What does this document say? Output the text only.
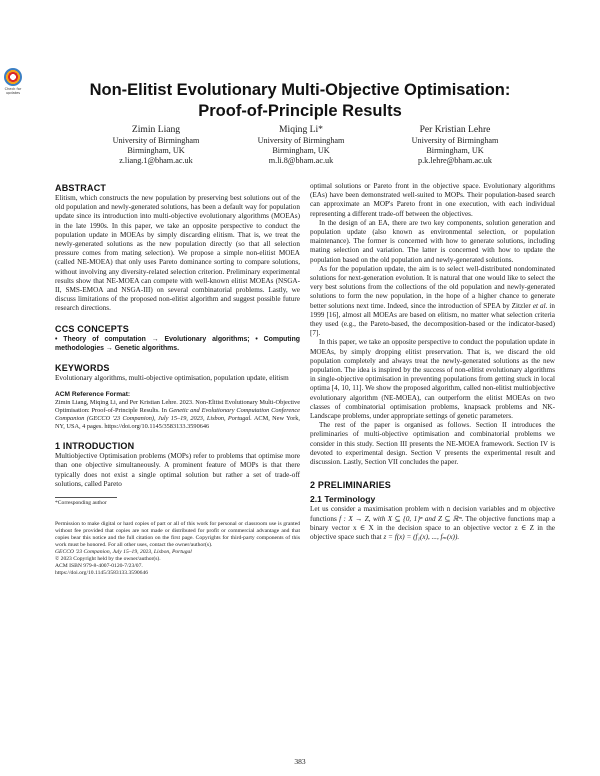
Check for updates	Non-Elitist Evolutionary Multi-Objective Optimisation:
Proof-of-Principle Results
Zimin Liang
University of Birmingham
Birmingham, UK
z.liang.1@bham.ac.uk
Miqing Li*
University of Birmingham
Birmingham, UK
m.li.8@bham.ac.uk
Per Kristian Lehre
University of Birmingham
Birmingham, UK
p.k.lehre@bham.ac.uk
ABSTRACT

Elitism, which constructs the new population by preserving best solutions out of the old population and newly-generated solutions, has been a default way for population update since its introduction into multi-objective evolutionary algorithms (MOEAs) in the late 1990s. In this paper, we take an opposite perspective to conduct the population update in MOEAs by simply discarding elitism. That is, we treat the newly-generated solutions as the new population directly (so that all selection pressure comes from mating selection). We propose a simple non-elitist MOEA (called NE-MOEA) that only uses Pareto dominance sorting to compare solutions, without involving any diversity-related selection criterion. Preliminary experimental results show that NE-MOEA can compete with well-known elitist MOEAs (NSGA-II, SMS-EMOA and NSGA-III) on several combinatorial problems. Lastly, we discuss limitations of the proposed non-elitist algorithm and suggest possible future research directions.

CCS CONCEPTS

• Theory of computation → Evolutionary algorithms; • Computing methodologies → Genetic algorithms.

KEYWORDS

Evolutionary algorithms, multi-objective optimisation, population update, elitism

ACM Reference Format:

Zimin Liang, Miqing Li, and Per Kristian Lehre. 2023. Non-Elitist Evolutionary Multi-Objective Optimisation: Proof-of-Principle Results. In Genetic and Evolutionary Computation Conference Companion (GECCO '23 Companion), July 15–19, 2023, Lisbon, Portugal. ACM, New York, NY, USA, 4 pages. https://doi.org/10.1145/3583133.3590646

1 INTRODUCTION

Multiobjective Optimisation problems (MOPs) refer to problems that optimise more than one objective simultaneously. A prominent feature of MOPs is that there typically does not exist a single optimal solution but rather a set of trade-off solutions, called Pareto

*Corresponding author

Permission to make digital or hard copies of part or all of this work for personal or classroom use is granted without fee provided that copies are not made or distributed for profit or commercial advantage and that copies bear this notice and the full citation on the first page. Copyrights for third-party components of this work must be honored. For all other uses, contact the owner/author(s).

GECCO '23 Companion, July 15–19, 2023, Lisbon, Portugal

© 2023 Copyright held by the owner/author(s).

ACM ISBN 979-8-4007-0120-7/23/07.

https://doi.org/10.1145/3583133.3590646

optimal solutions or Pareto front in the objective space. Evolutionary algorithms (EAs) have been demonstrated well-suited to MOPs. Their population-based search can approximate an MOP's Pareto front in one execution, with each individual representing a different trade-off between the objectives.

In the design of an EA, there are two key components, solution generation and population update (also known as environmental selection, or population maintenance). The former is concerned with how to generate solutions, including mating selection and variation. The latter is concerned with how to update the population based on the old population and newly-generated solutions.

As for the population update, the aim is to select well-distributed nondominated solutions for next-generation evolution. It is natural that one would like to select the very best solutions from the collections of the old population and newly-generated solutions to form the new population, in the hope of a higher chance to generate better solutions next time. Indeed, since the introduction of SPEA by Zitzler et al. in 1999 [16], almost all MOEAs are based on elitism, no matter what selection criteria they used (e.g., the Pareto-based, the decomposition-based or the indicator-based) [7].

In this paper, we take an opposite perspective to conduct the population update in MOEAs, by simply dropping elitist preservation. That is, we discard the old population completely and always treat the newly-generated solutions as the new population. The idea is inspired by the success of non-elitist evolutionary algorithms in single-objective optimisation in preventing populations from getting stuck in local optima [4, 10, 11]. We show the proposed algorithm, called non-elitist multiobjective evolutionary algorithm (NE-MOEA), can outperform the elitist MOEAs on two classes of combinatorial optimisation problems, knapsack problems and NK-Landscape problems, under appropriate settings of genetic parameters.

The rest of the paper is organised as follows. Section II introduces the preliminaries of multi-objective optimisation and combinatorial problems we consider in this study. Section III presents the NE-MOEA framework. Section IV is devoted to experimental design. Section V presents the experimental result and discussion. Lastly, Section VII concludes the paper.

2 PRELIMINARIES
2.1 Terminology

Let us consider a maximisation problem with n decision variables and m objective functions f : X → Z, with X ⊆ {0, 1}ⁿ and Z ⊆ ℝᵐ. The objective functions map a binary vector x ∈ X in the decision space to an objective vector z ∈ Z in the objective space such that z = f(x) = (f₁(x), ..., fₘ(x)).

383
